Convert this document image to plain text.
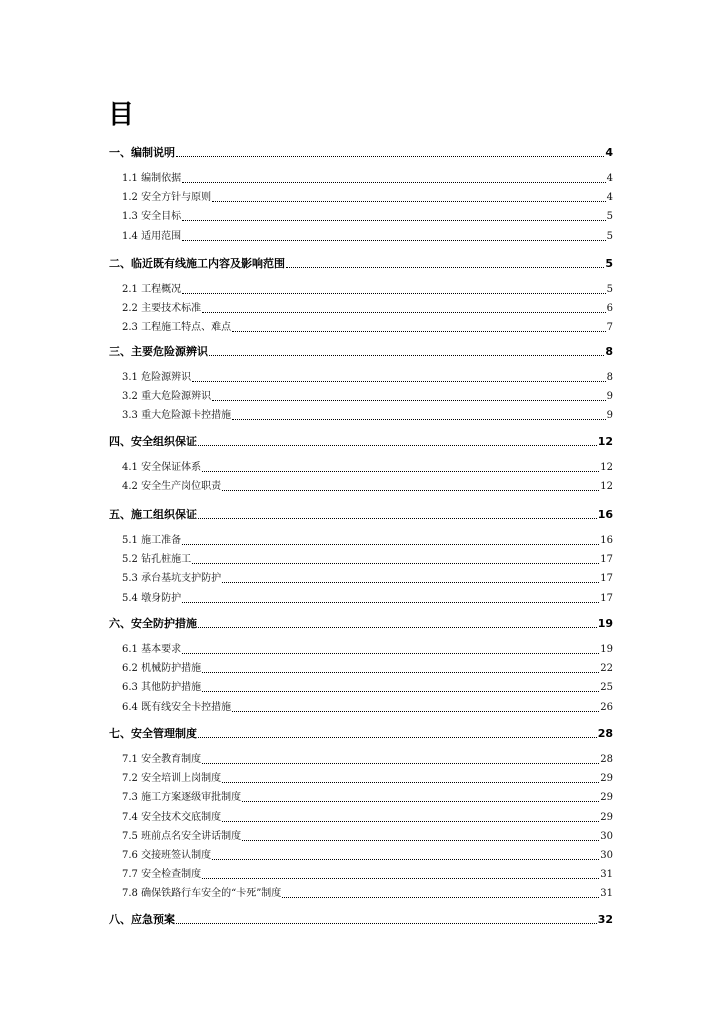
目
一、编制说明	4
1.1 编制依据	4
1.2 安全方针与原则	4
1.3 安全目标	5
1.4 适用范围	5
二、临近既有线施工内容及影响范围	5
2.1 工程概况	5
2.2 主要技术标准	6
2.3 工程施工特点、难点	7
三、主要危险源辨识	8
3.1 危险源辨识	8
3.2 重大危险源辨识	9
3.3 重大危险源卡控措施	9
四、安全组织保证	12
4.1 安全保证体系	12
4.2 安全生产岗位职责	12
五、施工组织保证	16
5.1 施工准备	16
5.2 钻孔桩施工	17
5.3 承台基坑支护防护	17
5.4 墩身防护	17
六、安全防护措施	19
6.1 基本要求	19
6.2 机械防护措施	22
6.3 其他防护措施	25
6.4 既有线安全卡控措施	26
七、安全管理制度	28
7.1 安全教育制度	28
7.2 安全培训上岗制度	29
7.3 施工方案逐级审批制度	29
7.4 安全技术交底制度	29
7.5 班前点名安全讲话制度	30
7.6 交接班签认制度	30
7.7 安全检查制度	31
7.8 确保铁路行车安全的“卡死”制度	31
八、应急预案	32
